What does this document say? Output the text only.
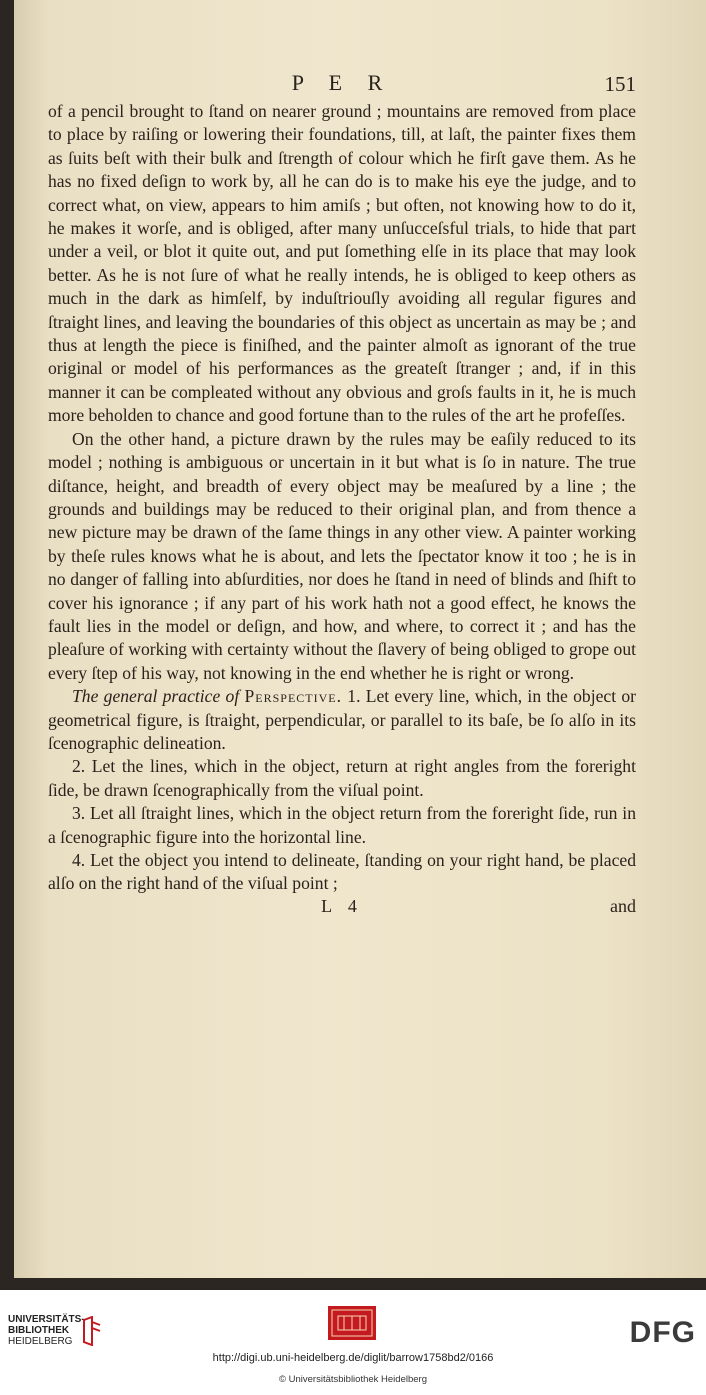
P E R	151

of a pencil brought to ſtand on nearer ground ; mountains are removed from place to place by raiſing or lowering their foundations, till, at laſt, the painter fixes them as ſuits beſt with their bulk and ſtrength of colour which he firſt gave them. As he has no fixed deſign to work by, all he can do is to make his eye the judge, and to correct what, on view, appears to him amiſs ; but often, not knowing how to do it, he makes it worſe, and is obliged, after many unſucceſsful trials, to hide that part under a veil, or blot it quite out, and put ſomething elſe in its place that may look better. As he is not ſure of what he really intends, he is obliged to keep others as much in the dark as himſelf, by induſtriouſly avoiding all regular figures and ſtraight lines, and leaving the boundaries of this object as uncertain as may be ; and thus at length the piece is finiſhed, and the painter almoſt as ignorant of the true original or model of his performances as the greateſt ſtranger ; and, if in this manner it can be compleated without any obvious and groſs faults in it, he is much more beholden to chance and good fortune than to the rules of the art he profeſſes.

On the other hand, a picture drawn by the rules may be eaſily reduced to its model ; nothing is ambiguous or uncertain in it but what is ſo in nature. The true diſtance, height, and breadth of every object may be meaſured by a line ; the grounds and buildings may be reduced to their original plan, and from thence a new picture may be drawn of the ſame things in any other view. A painter working by theſe rules knows what he is about, and lets the ſpectator know it too ; he is in no danger of falling into abſurdities, nor does he ſtand in need of blinds and ſhift to cover his ignorance ; if any part of his work hath not a good effect, he knows the fault lies in the model or deſign, and how, and where, to correct it ; and has the pleaſure of working with certainty without the ſlavery of being obliged to grope out every ſtep of his way, not knowing in the end whether he is right or wrong.

The general practice of Perspective. 1. Let every line, which, in the object or geometrical figure, is ſtraight, perpendicular, or parallel to its baſe, be ſo alſo in its ſcenographic delineation.

2. Let the lines, which in the object, return at right angles from the foreright ſide, be drawn ſcenographically from the viſual point.

3. Let all ſtraight lines, which in the object return from the foreright ſide, run in a ſcenographic figure into the horizontal line.

4. Let the object you intend to delineate, ſtanding on your right hand, be placed alſo on the right hand of the viſual point ;

L 4	and
UNIVERSITÄTS-
BIBLIOTHEK
HEIDELBERG	DFG
http://digi.ub.uni-heidelberg.de/diglit/barrow1758bd2/0166
© Universitätsbibliothek Heidelberg
